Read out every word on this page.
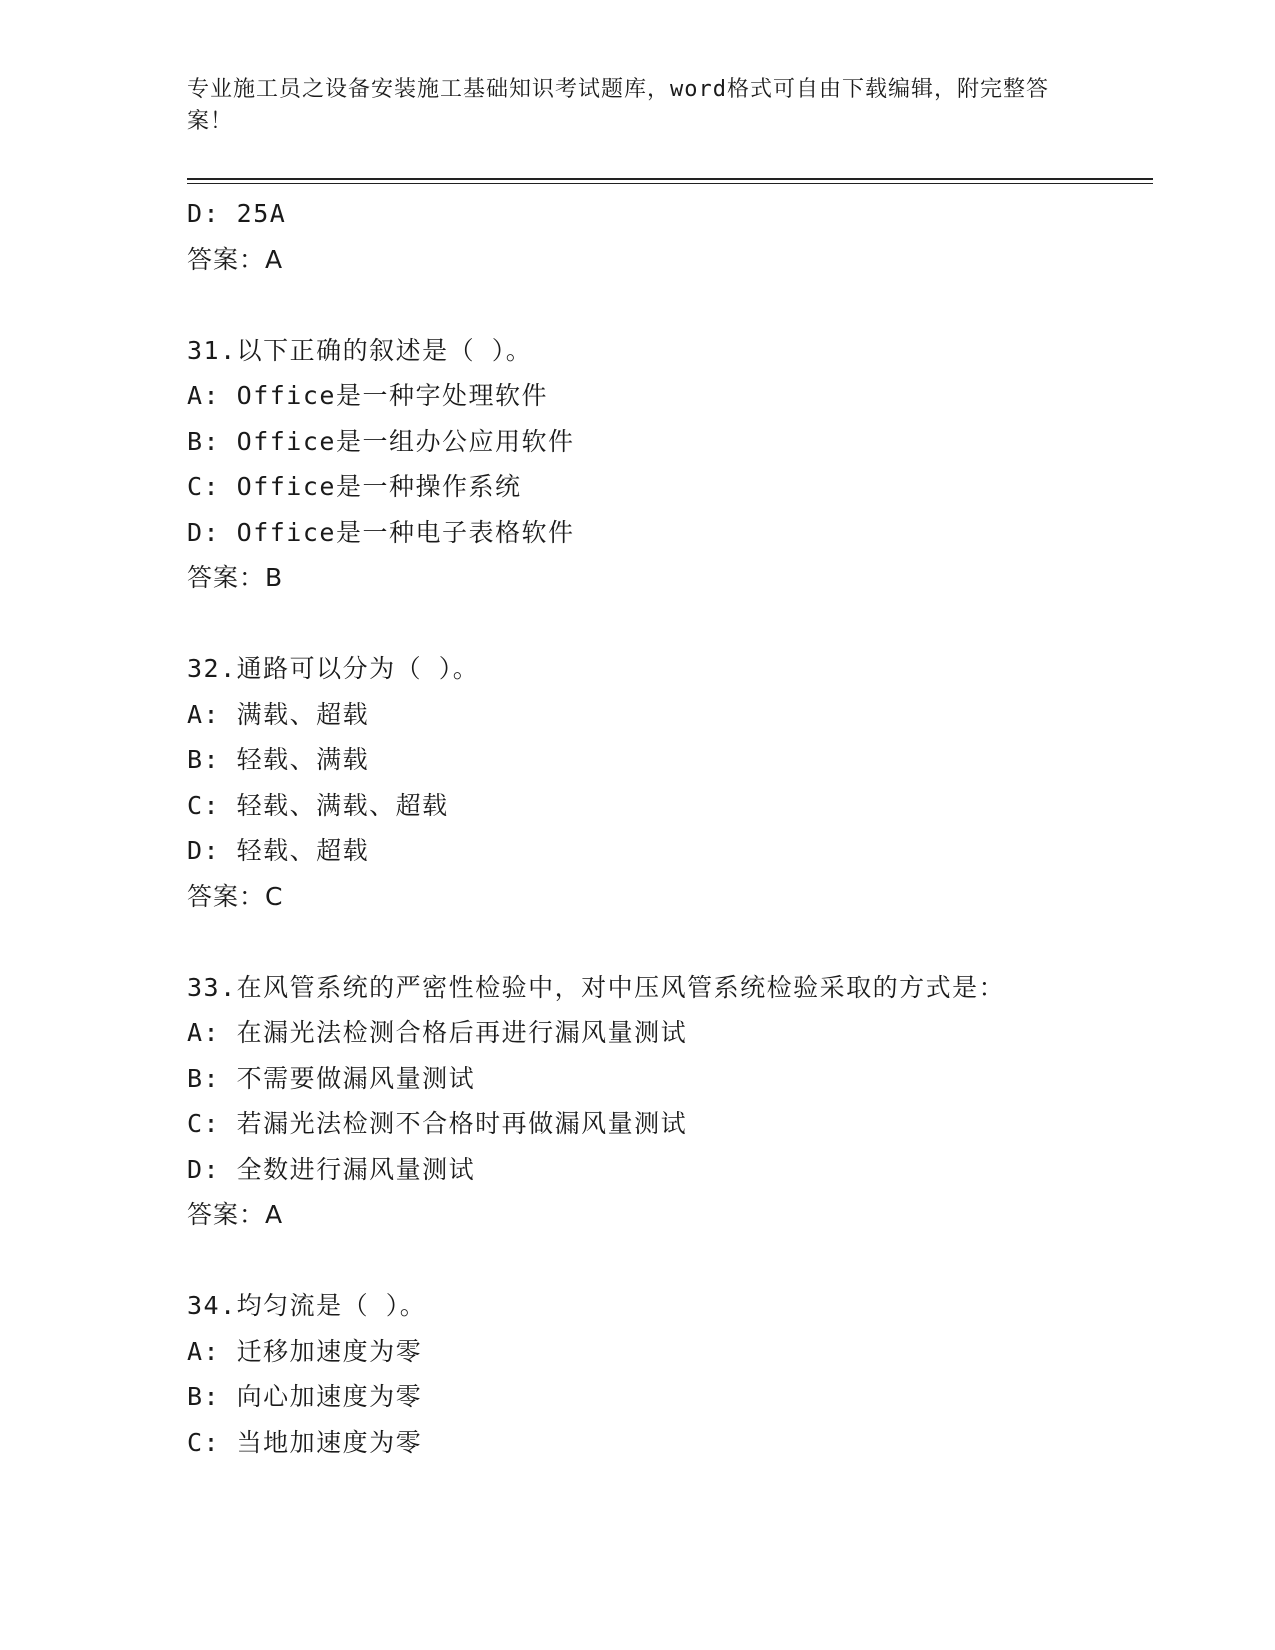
专业施工员之设备安装施工基础知识考试题库，word格式可自由下载编辑，附完整答案！
D: 25A
答案：A
31.以下正确的叙述是（ ）。
A: Office是一种字处理软件
B: Office是一组办公应用软件
C: Office是一种操作系统
D: Office是一种电子表格软件
答案：B
32.通路可以分为（ ）。
A: 满载、超载
B: 轻载、满载
C: 轻载、满载、超载
D: 轻载、超载
答案：C
33.在风管系统的严密性检验中，对中压风管系统检验采取的方式是：
A: 在漏光法检测合格后再进行漏风量测试
B: 不需要做漏风量测试
C: 若漏光法检测不合格时再做漏风量测试
D: 全数进行漏风量测试
答案：A
34.均匀流是（ ）。
A: 迁移加速度为零
B: 向心加速度为零
C: 当地加速度为零
